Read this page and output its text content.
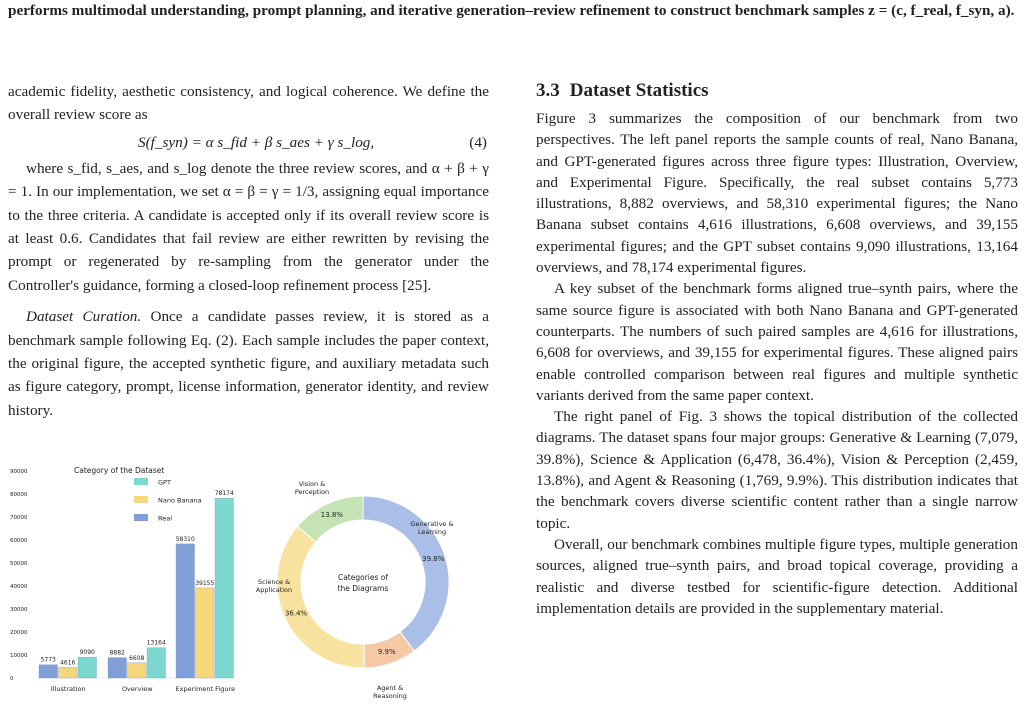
performs multimodal understanding, prompt planning, and iterative generation–review refinement to construct benchmark samples z = (c, f_real, f_syn, a).

academic fidelity, aesthetic consistency, and logical coherence. We define the overall review score as

S(f_syn) = α s_fid + β s_aes + γ s_log,	(4)

where s_fid, s_aes, and s_log denote the three review scores, and α + β + γ = 1. In our implementation, we set α = β = γ = 1/3, assigning equal importance to the three criteria. A candidate is accepted only if its overall review score is at least 0.6. Candidates that fail review are either rewritten by revising the prompt or regenerated by re-sampling from the generator under the Controller's guidance, forming a closed-loop refinement process [25].

Dataset Curation. Once a candidate passes review, it is stored as a benchmark sample following Eq. (2). Each sample includes the paper context, the original figure, the accepted synthetic figure, and auxiliary metadata such as figure category, prompt, license information, generator identity, and review history.

3.3 Dataset Statistics

Figure 3 summarizes the composition of our benchmark from two perspectives. The left panel reports the sample counts of real, Nano Banana, and GPT-generated figures across three figure types: Illustration, Overview, and Experimental Figure. Specifically, the real subset contains 5,773 illustrations, 8,882 overviews, and 58,310 experimental figures; the Nano Banana subset contains 4,616 illustrations, 6,608 overviews, and 39,155 experimental figures; and the GPT subset contains 9,090 illustrations, 13,164 overviews, and 78,174 experimental figures.

A key subset of the benchmark forms aligned true–synth pairs, where the same source figure is associated with both Nano Banana and GPT-generated counterparts. The numbers of such paired samples are 4,616 for illustrations, 6,608 for overviews, and 39,155 for experimental figures. These aligned pairs enable controlled comparison between real figures and multiple synthetic variants derived from the same paper context.

The right panel of Fig. 3 shows the topical distribution of the collected diagrams. The dataset spans four major groups: Generative & Learning (7,079, 39.8%), Science & Application (6,478, 36.4%), Vision & Perception (2,459, 13.8%), and Agent & Reasoning (1,769, 9.9%). This distribution indicates that the benchmark covers diverse scientific content rather than a single narrow topic.

Overall, our benchmark combines multiple figure types, multiple generation sources, aligned true–synth pairs, and broad topical coverage, providing a realistic and diverse testbed for scientific-figure detection. Additional implementation details are provided in the supplementary material.

0
10000
20000
30000
40000
50000
60000
70000
80000
90000
5773 4616
9090
Illustration
8882
6608
13164
Overview
58310
39155
78174
Experiment Figure
Category of the Dataset
GPT
Nano Banana
Real
39.8%
9.9%
36.4%
13.8%
Generative &
Learning
Agent &
Reasoning
Science &
Application
Vision &
Perception
Categories of
the Diagrams
